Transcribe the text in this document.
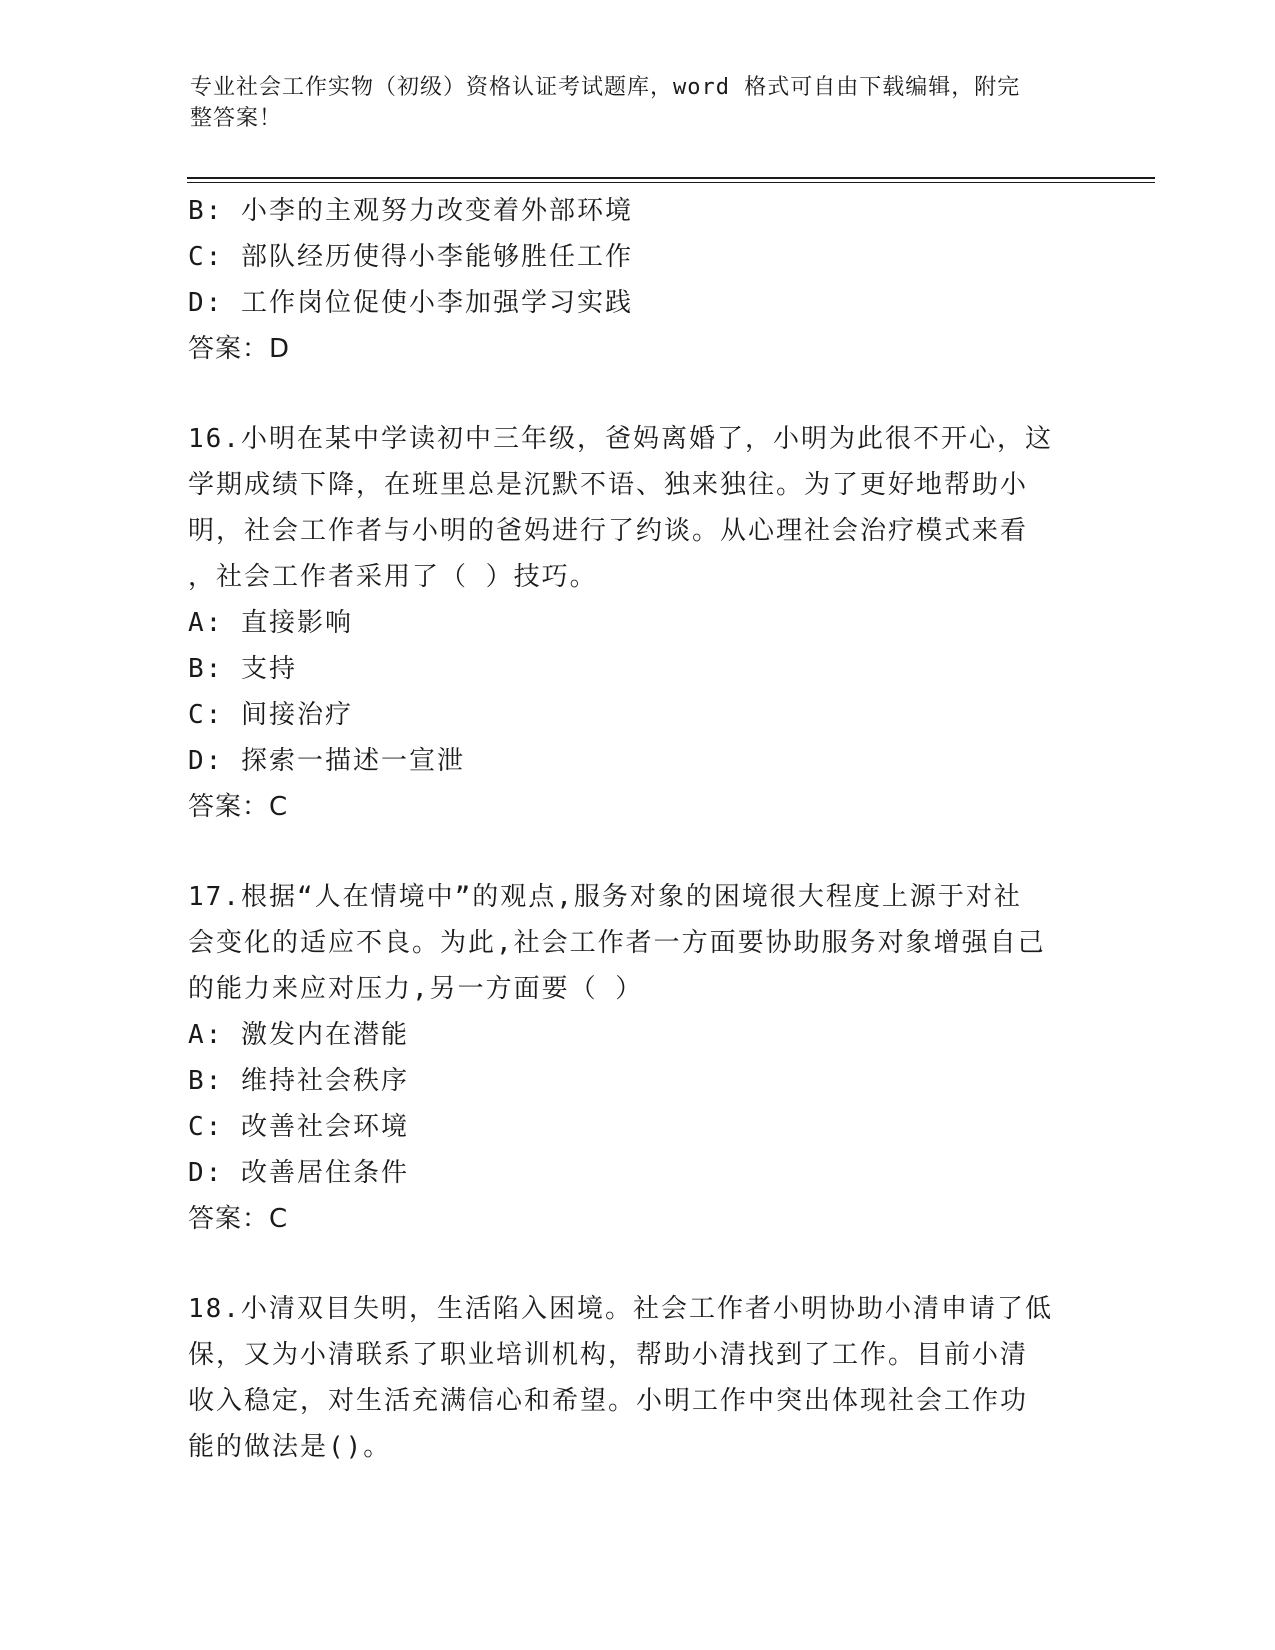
专业社会工作实物（初级）资格认证考试题库，word 格式可自由下载编辑，附完
整答案！
B: 小李的主观努力改变着外部环境
C: 部队经历使得小李能够胜任工作
D: 工作岗位促使小李加强学习实践
答案：D
16.小明在某中学读初中三年级，爸妈离婚了，小明为此很不开心，这
学期成绩下降，在班里总是沉默不语、独来独往。为了更好地帮助小
明，社会工作者与小明的爸妈进行了约谈。从心理社会治疗模式来看
，社会工作者采用了（ ）技巧。
A: 直接影响
B: 支持
C: 间接治疗
D: 探索一描述一宣泄
答案：C
17.根据“人在情境中”的观点,服务对象的困境很大程度上源于对社
会变化的适应不良。为此,社会工作者一方面要协助服务对象增强自己
的能力来应对压力,另一方面要（ ）
A: 激发内在潜能
B: 维持社会秩序
C: 改善社会环境
D: 改善居住条件
答案：C
18.小清双目失明，生活陷入困境。社会工作者小明协助小清申请了低
保，又为小清联系了职业培训机构，帮助小清找到了工作。目前小清
收入稳定，对生活充满信心和希望。小明工作中突出体现社会工作功
能的做法是()。
